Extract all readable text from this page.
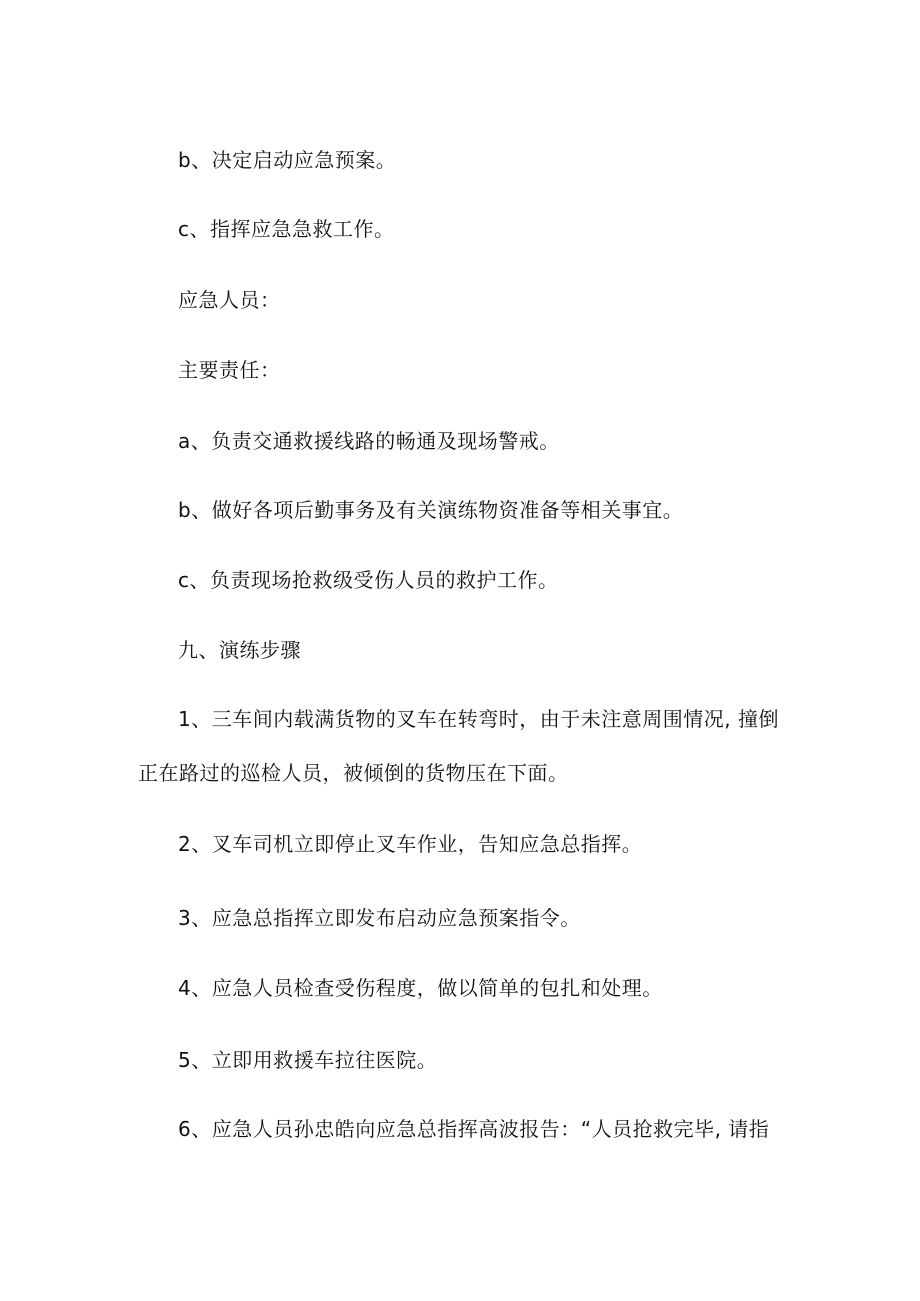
b、决定启动应急预案。
c、指挥应急急救工作。
应急人员：
主要责任：
a、负责交通救援线路的畅通及现场警戒。
b、做好各项后勤事务及有关演练物资准备等相关事宜。
c、负责现场抢救级受伤人员的救护工作。
九、演练步骤
1、三车间内载满货物的叉车在转弯时，由于未注意周围情况, 撞倒
正在路过的巡检人员，被倾倒的货物压在下面。
2、叉车司机立即停止叉车作业，告知应急总指挥。
3、应急总指挥立即发布启动应急预案指令。
4、应急人员检查受伤程度，做以简单的包扎和处理。
5、立即用救援车拉往医院。
6、应急人员孙忠皓向应急总指挥高波报告：“人员抢救完毕, 请指
